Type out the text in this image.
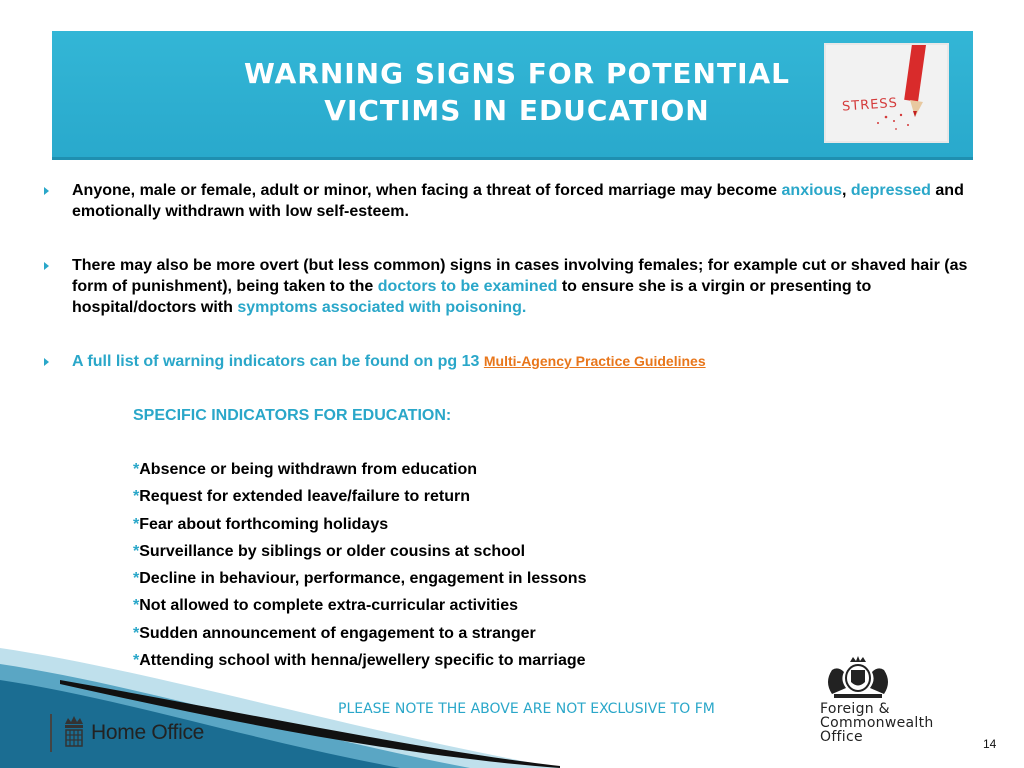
WARNING SIGNS FOR POTENTIAL
VICTIMS IN EDUCATION	STRESS
Anyone, male or female, adult or minor, when facing a threat of forced marriage may become anxious, depressed and emotionally withdrawn with low self-esteem.
There may also be more overt (but less common) signs in cases involving females; for example cut or shaved hair (as form of punishment), being taken to the doctors to be examined to ensure she is a virgin or presenting to hospital/doctors with symptoms associated with poisoning.
A full list of warning indicators can be found on pg 13 Multi-Agency Practice Guidelines
SPECIFIC INDICATORS FOR EDUCATION:
*Absence or being withdrawn from education
*Request for extended leave/failure to return
*Fear about forthcoming holidays
*Surveillance by siblings or older cousins at school
*Decline in behaviour, performance, engagement in lessons
*Not allowed to complete extra-curricular activities
*Sudden announcement of engagement to a stranger
*Attending school with henna/jewellery specific to marriage
PLEASE NOTE THE ABOVE ARE NOT EXCLUSIVE TO FM
Home Office
Foreign &
Commonwealth
Office	14
